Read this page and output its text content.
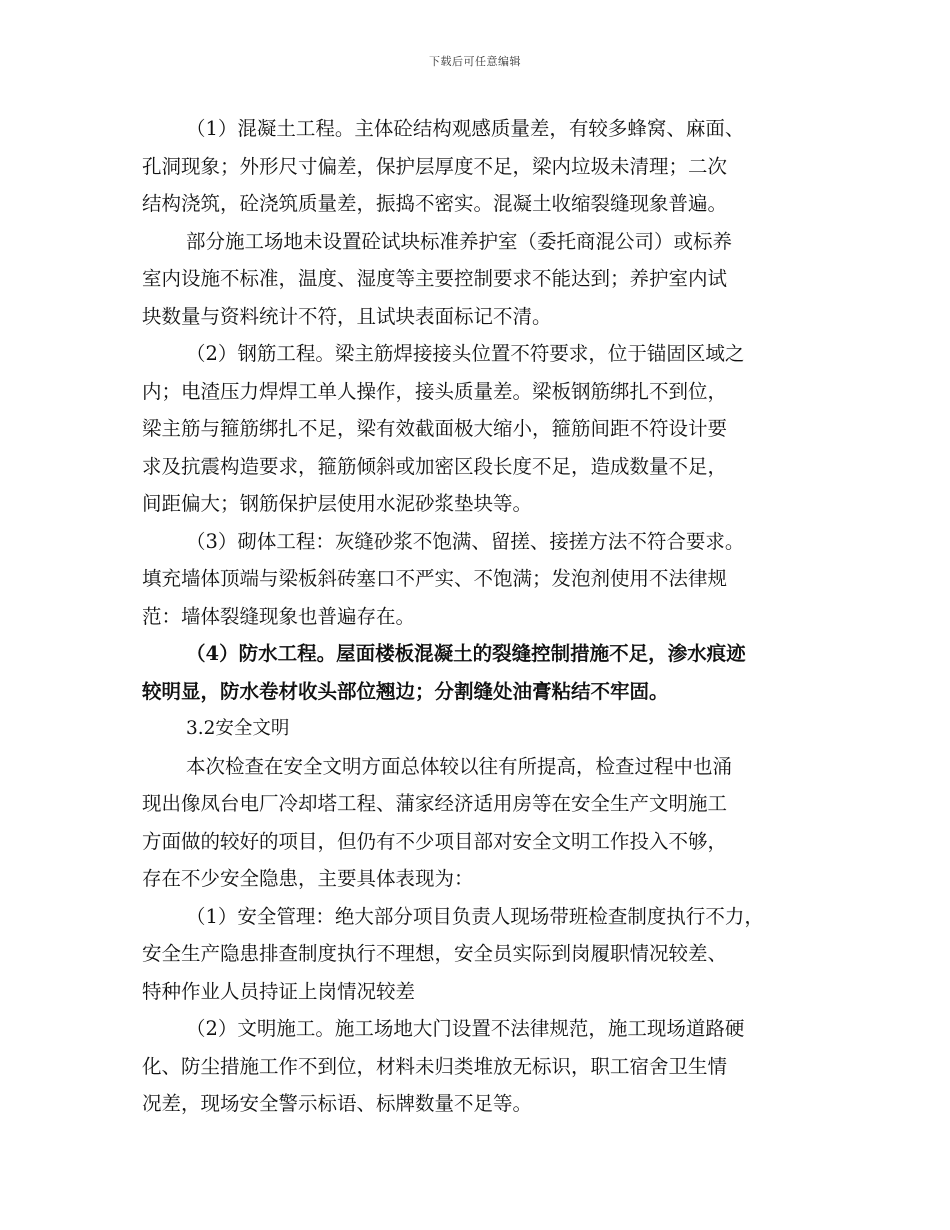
下载后可任意编辑
（1）混凝土工程。主体砼结构观感质量差，有较多蜂窝、麻面、
孔洞现象；外形尺寸偏差，保护层厚度不足，梁内垃圾未清理；二次
结构浇筑，砼浇筑质量差，振捣不密实。混凝土收缩裂缝现象普遍。
部分施工场地未设置砼试块标准养护室（委托商混公司）或标养
室内设施不标准，温度、湿度等主要控制要求不能达到；养护室内试
块数量与资料统计不符，且试块表面标记不清。
（2）钢筋工程。梁主筋焊接接头位置不符要求，位于锚固区域之
内；电渣压力焊焊工单人操作，接头质量差。梁板钢筋绑扎不到位，
梁主筋与箍筋绑扎不足，梁有效截面极大缩小，箍筋间距不符设计要
求及抗震构造要求，箍筋倾斜或加密区段长度不足，造成数量不足，
间距偏大；钢筋保护层使用水泥砂浆垫块等。
（3）砌体工程：灰缝砂浆不饱满、留搓、接搓方法不符合要求。
填充墙体顶端与梁板斜砖塞口不严实、不饱满；发泡剂使用不法律规
范：墙体裂缝现象也普遍存在。
（4）防水工程。屋面楼板混凝土的裂缝控制措施不足，渗水痕迹
较明显，防水卷材收头部位翘边；分割缝处油膏粘结不牢固。
3.2安全文明
本次检查在安全文明方面总体较以往有所提高，检查过程中也涌
现出像凤台电厂冷却塔工程、蒲家经济适用房等在安全生产文明施工
方面做的较好的项目，但仍有不少项目部对安全文明工作投入不够，
存在不少安全隐患，主要具体表现为：
（1）安全管理：绝大部分项目负责人现场带班检查制度执行不力，
安全生产隐患排查制度执行不理想，安全员实际到岗履职情况较差、
特种作业人员持证上岗情况较差
（2）文明施工。施工场地大门设置不法律规范，施工现场道路硬
化、防尘措施工作不到位，材料未归类堆放无标识，职工宿舍卫生情
况差，现场安全警示标语、标牌数量不足等。
